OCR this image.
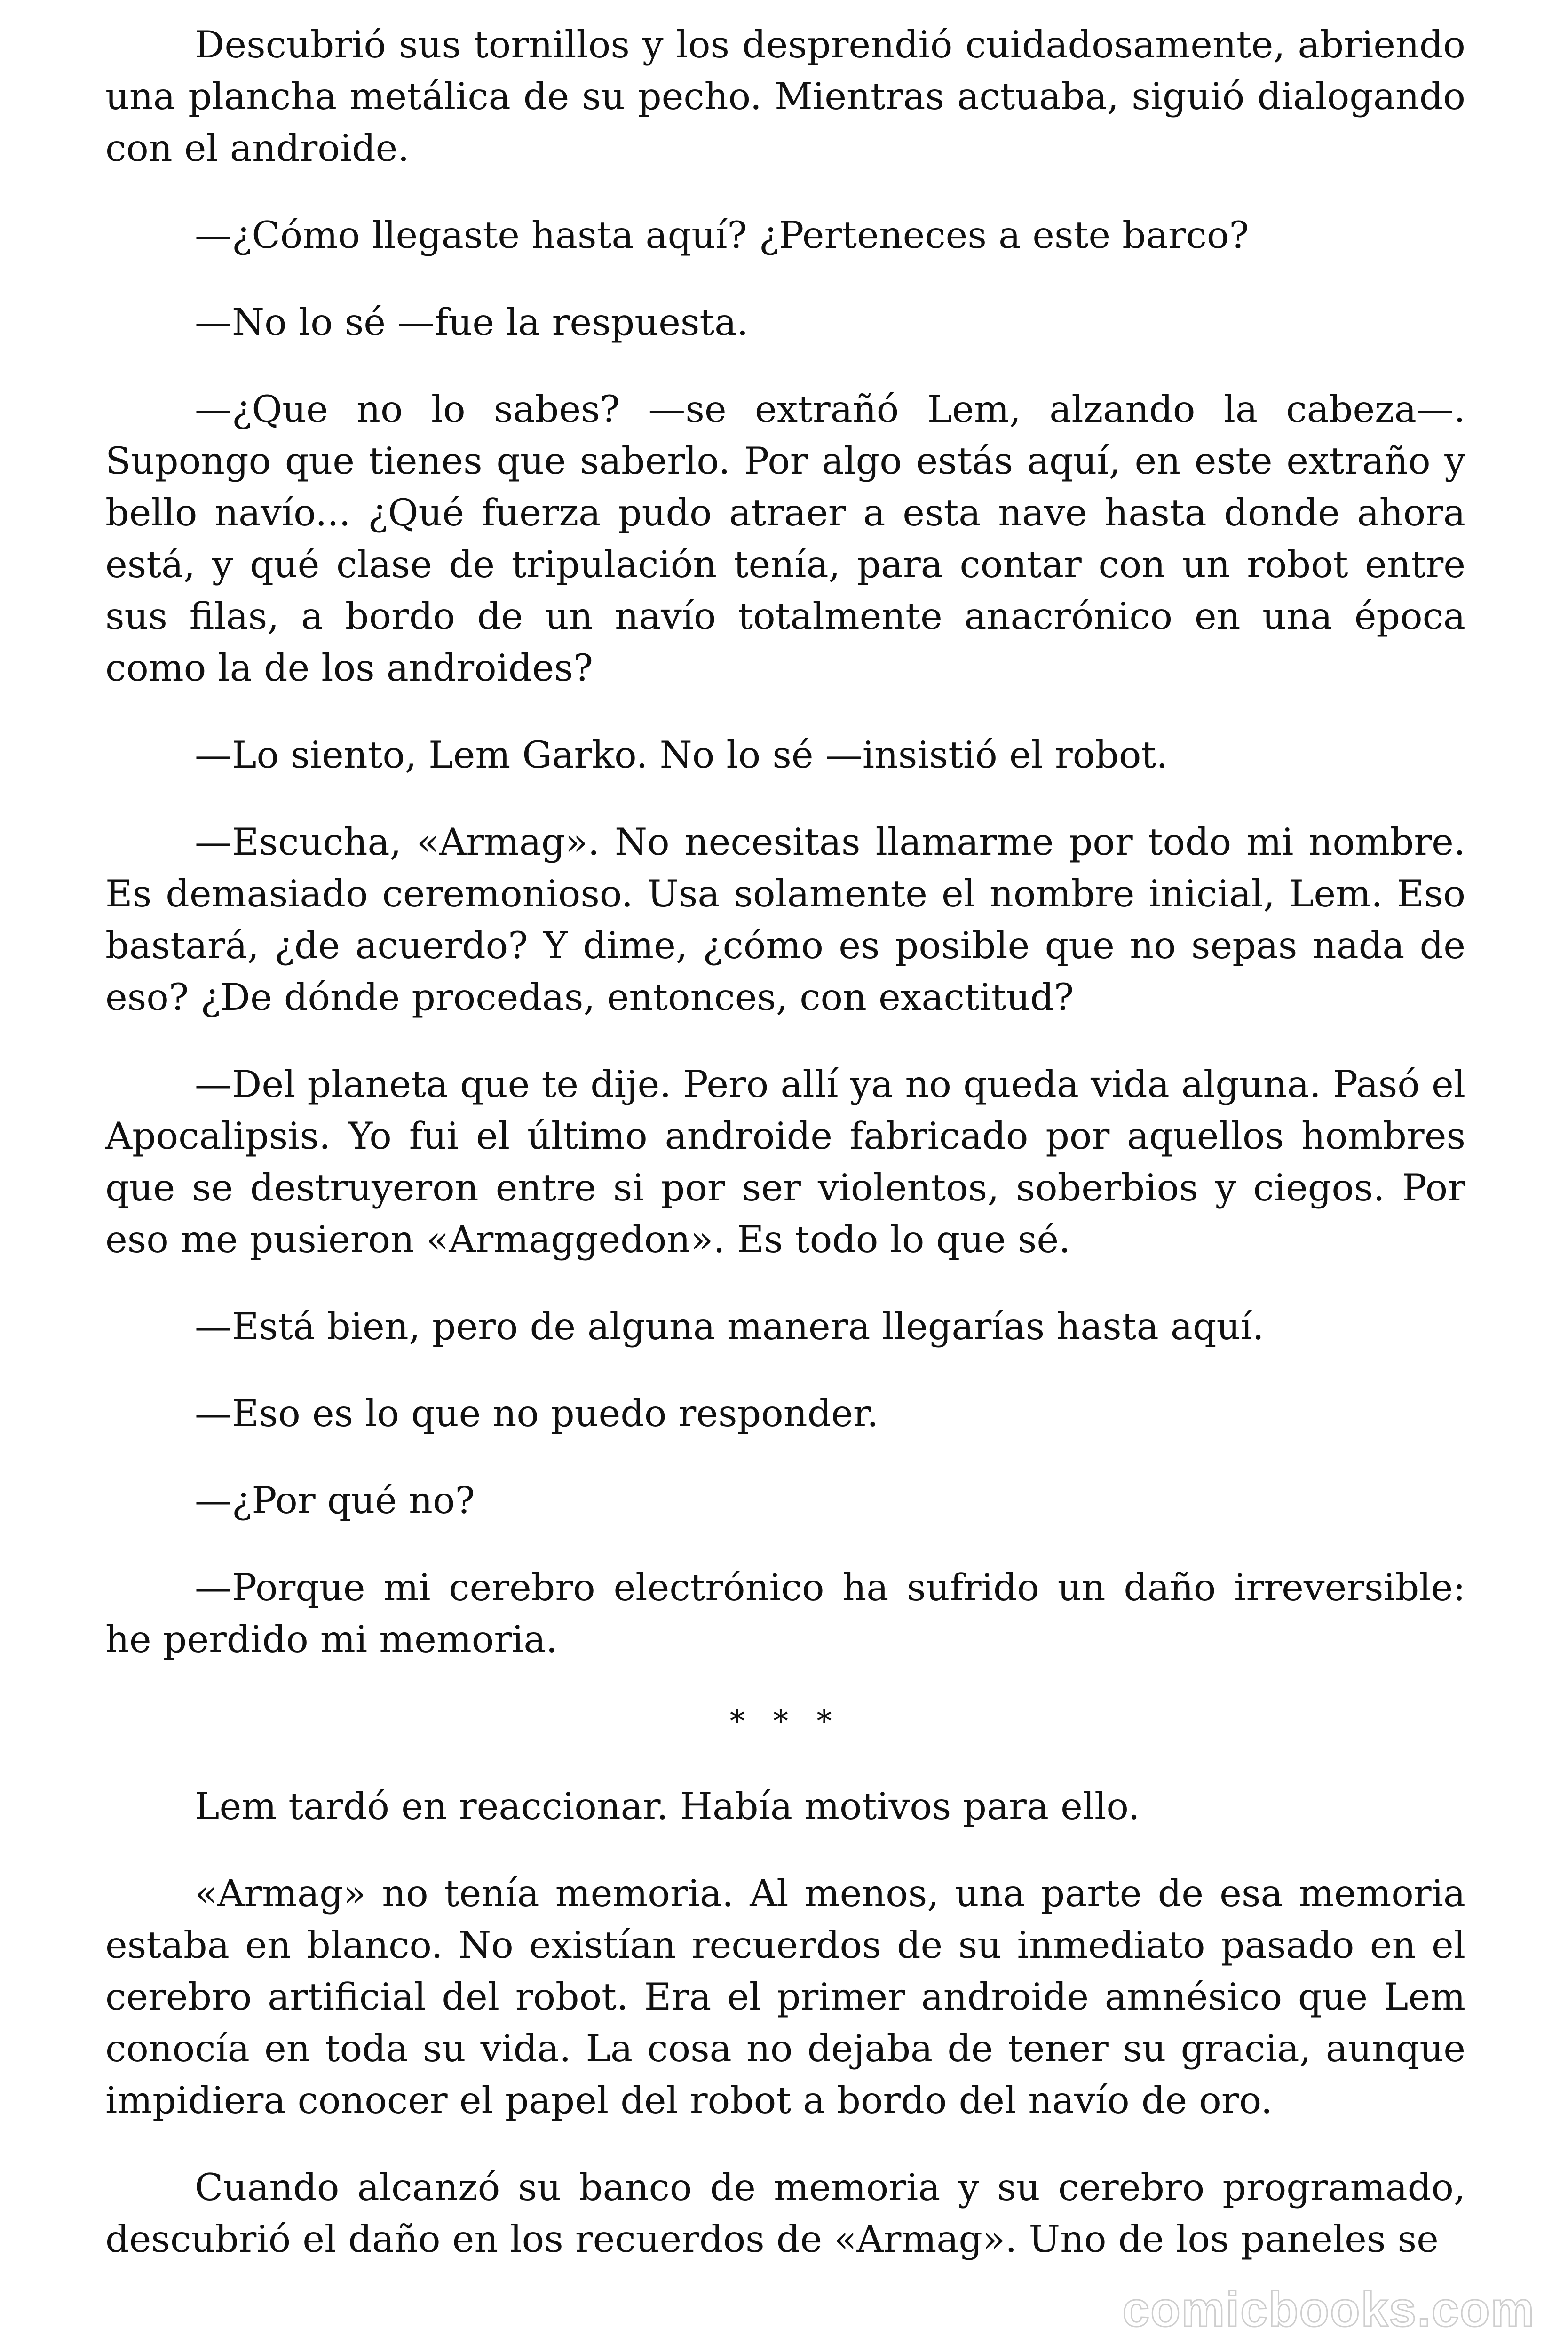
Descubrió sus tornillos y los desprendió cuidadosamente, abriendo una plancha metálica de su pecho. Mientras actuaba, siguió dialogando con el androide.

—¿Cómo llegaste hasta aquí? ¿Perteneces a este barco?

—No lo sé —fue la respuesta.

—¿Que no lo sabes? —se extrañó Lem, alzando la cabeza—. Supongo que tienes que saberlo. Por algo estás aquí, en este extraño y bello navío... ¿Qué fuerza pudo atraer a esta nave hasta donde ahora está, y qué clase de tripulación tenía, para contar con un robot entre sus filas, a bordo de un navío totalmente anacrónico en una época como la de los androides?

—Lo siento, Lem Garko. No lo sé —insistió el robot.

—Escucha, «Armag». No necesitas llamarme por todo mi nombre. Es demasiado ceremonioso. Usa solamente el nombre inicial, Lem. Eso bastará, ¿de acuerdo? Y dime, ¿cómo es posible que no sepas nada de eso? ¿De dónde procedas, entonces, con exactitud?

—Del planeta que te dije. Pero allí ya no queda vida alguna. Pasó el Apocalipsis. Yo fui el último androide fabricado por aquellos hombres que se destruyeron entre si por ser violentos, soberbios y ciegos. Por eso me pusieron «Armaggedon». Es todo lo que sé.

—Está bien, pero de alguna manera llegarías hasta aquí.

—Eso es lo que no puedo responder.

—¿Por qué no?

—Porque mi cerebro electrónico ha sufrido un daño irreversible: he perdido mi memoria.

* * *

Lem tardó en reaccionar. Había motivos para ello.

«Armag» no tenía memoria. Al menos, una parte de esa memoria estaba en blanco. No existían recuerdos de su inmediato pasado en el cerebro artificial del robot. Era el primer androide amnésico que Lem conocía en toda su vida. La cosa no dejaba de tener su gracia, aunque impidiera conocer el papel del robot a bordo del navío de oro.

Cuando alcanzó su banco de memoria y su cerebro programado, descubrió el daño en los recuerdos de «Armag». Uno de los paneles se

comicbooks.com
